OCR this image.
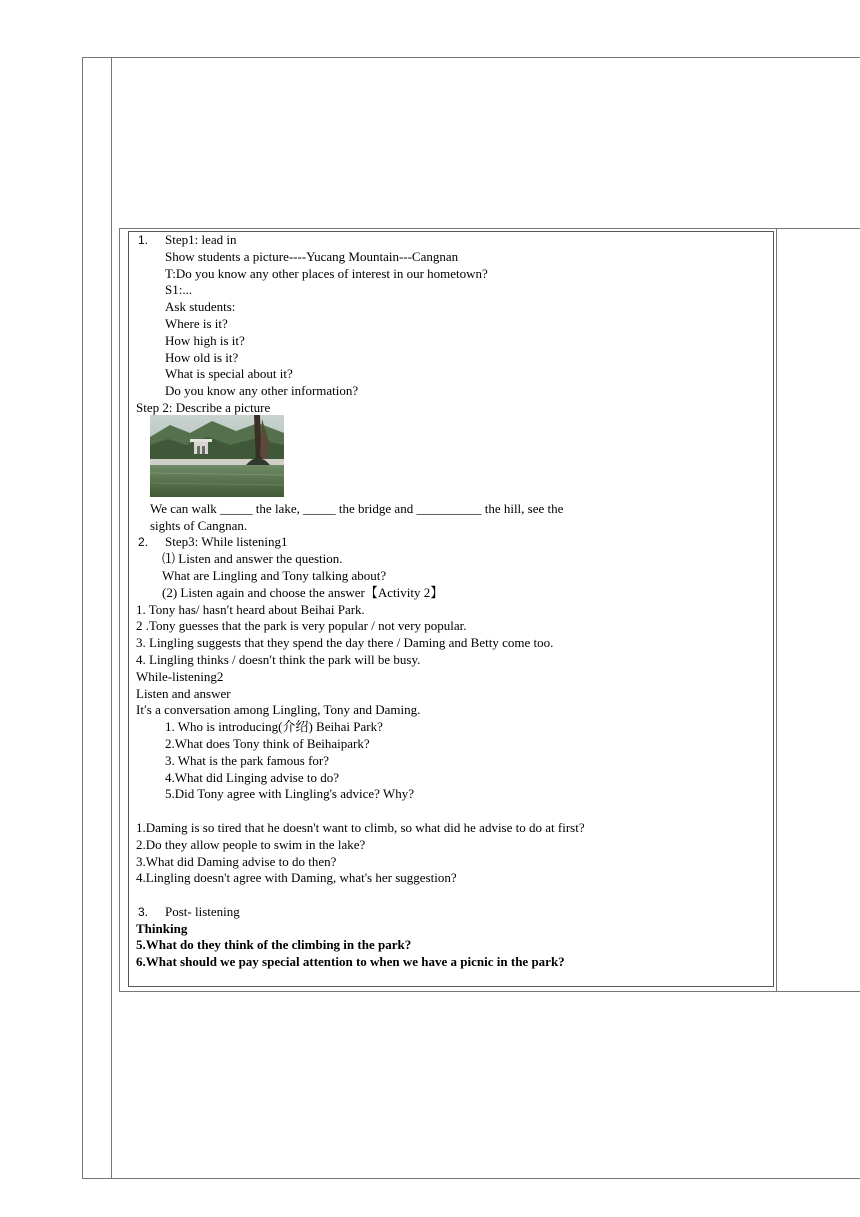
1. Step1: lead in
Show students a picture----Yucang Mountain---Cangnan
T:Do you know any other places of interest in our hometown?
S1:...
Ask students:
Where is it?
How high is it?
How old is it?
What is special about it?
Do you know any other information?
Step 2: Describe a picture
We can walk _____ the lake, _____ the bridge and __________ the hill, see the
sights of Cangnan.
2. Step3: While listening1
⑴ Listen and answer the question.
What are Lingling and Tony talking about?
(2) Listen again and choose the answer【Activity 2】
1. Tony has/ hasn′t heard about Beihai Park.
2 .Tony guesses that the park is very popular / not very popular.
3. Lingling suggests that they spend the day there / Daming and Betty come too.
4. Lingling thinks / doesn′t think the park will be busy.
While-listening2
Listen and answer
It′s a conversation among Lingling, Tony and Daming.
1. Who is introducing(介绍) Beihai Park?
2.What does Tony think of Beihaipark?
3. What is the park famous for?
4.What did Linging advise to do?
5.Did Tony agree with Lingling's advice? Why?
1.Daming is so tired that he doesn't want to climb, so what did he advise to do at first?
2.Do they allow people to swim in the lake?
3.What did Daming advise to do then?
4.Lingling doesn't agree with Daming, what's her suggestion?
3. Post- listening
Thinking
5.What do they think of the climbing in the park?
6.What should we pay special attention to when we have a picnic in the park?
